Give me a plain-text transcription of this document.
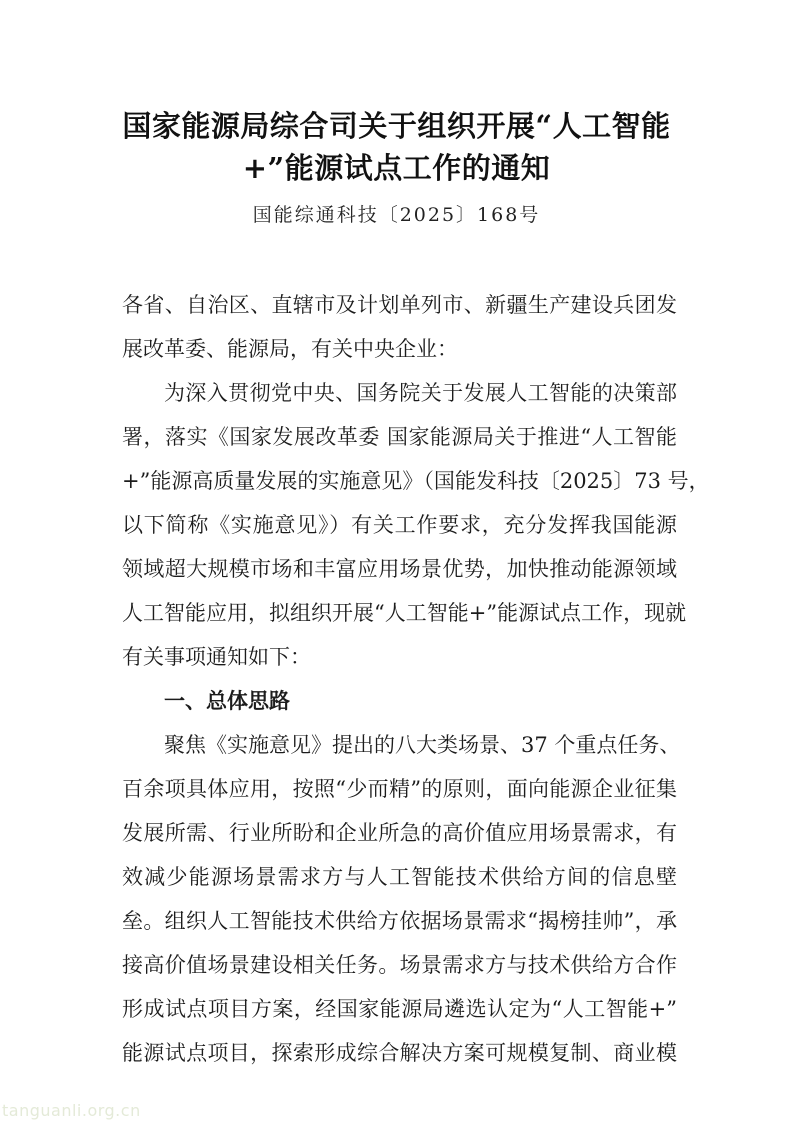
国家能源局综合司关于组织开展“人工智能
+”能源试点工作的通知
国能综通科技〔2025〕168号
各省、自治区、直辖市及计划单列市、新疆生产建设兵团发
展改革委、能源局，有关中央企业：
为深入贯彻党中央、国务院关于发展人工智能的决策部
署，落实《国家发展改革委 国家能源局关于推进“人工智能
+”能源高质量发展的实施意见》（国能发科技〔2025〕73 号，
以下简称《实施意见》）有关工作要求，充分发挥我国能源
领域超大规模市场和丰富应用场景优势，加快推动能源领域
人工智能应用，拟组织开展“人工智能+”能源试点工作，现就
有关事项通知如下：
一、总体思路
聚焦《实施意见》提出的八大类场景、37 个重点任务、
百余项具体应用，按照“少而精”的原则，面向能源企业征集
发展所需、行业所盼和企业所急的高价值应用场景需求，有
效减少能源场景需求方与人工智能技术供给方间的信息壁
垒。组织人工智能技术供给方依据场景需求“揭榜挂帅”，承
接高价值场景建设相关任务。场景需求方与技术供给方合作
形成试点项目方案，经国家能源局遴选认定为“人工智能+”
能源试点项目，探索形成综合解决方案可规模复制、商业模
tanguanli.org.cn
